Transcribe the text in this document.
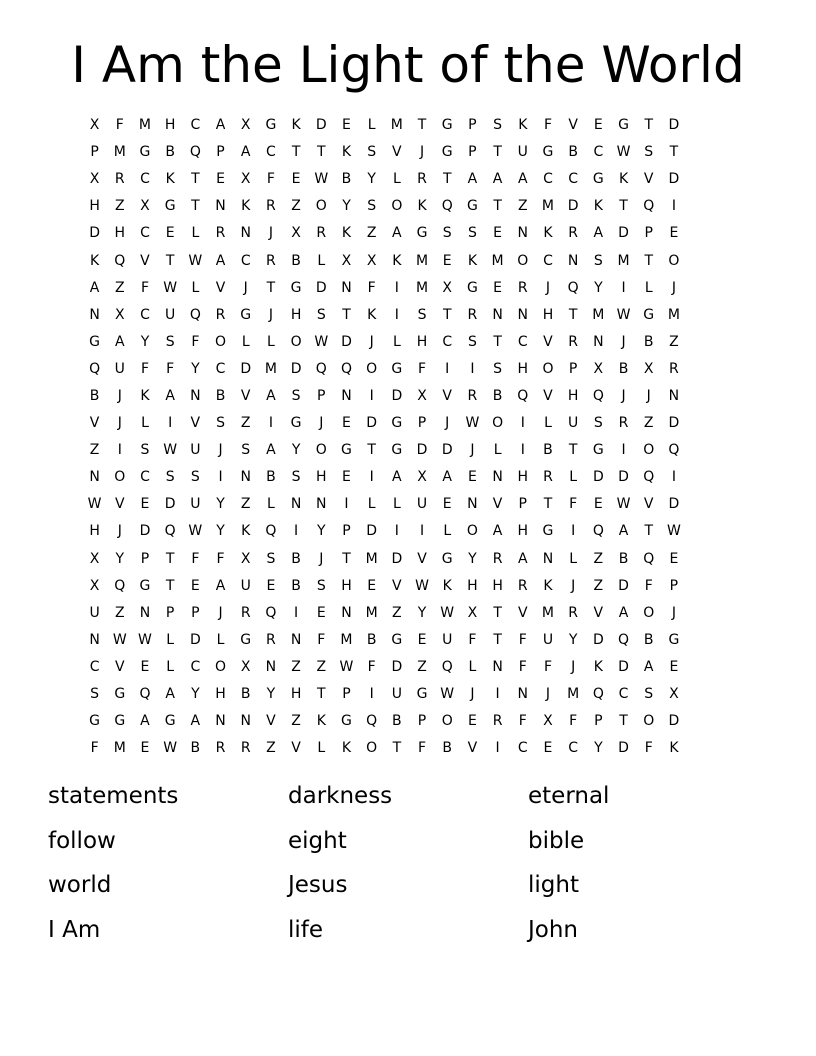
I Am the Light of the World
X	F	M H	C	A	X	G	K	D	E	L	M	T	G	P	S	K	F	V	E	G	T	D
P	M G	B	Q	P	A	C	T	T	K	S	V	J	G	P	T	U	G	B	C W S	T
X	R	C	K	T	E	X	F	E W B	Y	L	R	T	A	A	A	C	C	G	K	V	D
H	Z	X	G	T	N	K	R	Z	O	Y	S	O	K	Q	G	T	Z	M D	K	T	Q	I
D	H	C	E	L	R	N	J	X	R	K	Z	A	G	S	S	E	N	K	R	A	D	P	E
K	Q	V	T W A	C	R	B	L	X	X	K	M	E	K	M O	C	N	S	M	T	O
A	Z	F	W	L	V	J	T	G	D	N	F	I	M	X	G	E	R	J	Q	Y	I	L	J
N	X	C	U	Q	R	G	J	H	S	T	K	I	S	T	R	N	N	H	T	M W G M
G	A	Y	S	F	O	L	L	O W D	J	L	H	C	S	T	C	V	R	N	J	B	Z
Q	U	F	F	Y	C	D M D	Q	Q	O	G	F	I	I	S	H	O	P	X	B	X	R
B	J	K	A	N	B	V	A	S	P	N	I	D	X	V	R	B	Q	V	H	Q	J	J	N
V	J	L	I	V	S	Z	I	G	J	E	D	G	P	J	W O	I	L	U	S	R	Z	D
Z	I	S W U	J	S	A	Y	O	G	T	G	D	D	J	L	I	B	T	G	I	O	Q
N	O	C	S	S	I	N	B	S	H	E	I	A	X	A	E	N	H	R	L	D	D	Q	I
W V	E	D	U	Y	Z	L	N	N	I	L	L	U	E	N	V	P	T	F	E W V	D
H	J	D	Q W Y	K	Q	I	Y	P	D	I	I	L	O	A	H	G	I	Q	A	T W
X	Y	P	T	F	F	X	S	B	J	T	M D	V	G	Y	R	A	N	L	Z	B	Q	E
X	Q	G	T	E	A	U	E	B	S	H	E	V W K	H	H	R	K	J	Z	D	F	P
U	Z	N	P	P	J	R	Q	I	E	N M	Z	Y W X	T	V	M	R	V	A	O	J
N W W	L	D	L	G	R	N	F	M	B	G	E	U	F	T	F	U	Y	D	Q	B	G
C	V	E	L	C	O	X	N	Z	Z W	F	D	Z	Q	L	N	F	F	J	K	D	A	E
S	G	Q	A	Y	H	B	Y	H	T	P	I	U	G W	J	I	N	J	M Q	C	S	X
G	G	A	G	A	N	N	V	Z	K	G	Q	B	P	O	E	R	F	X	F	P	T	O	D
F	M	E W B	R	R	Z	V	L	K	O	T	F	B	V	I	C	E	C	Y	D	F	K
statements	darkness	eternal
follow	eight	bible
world	Jesus	light
I Am	life	John
